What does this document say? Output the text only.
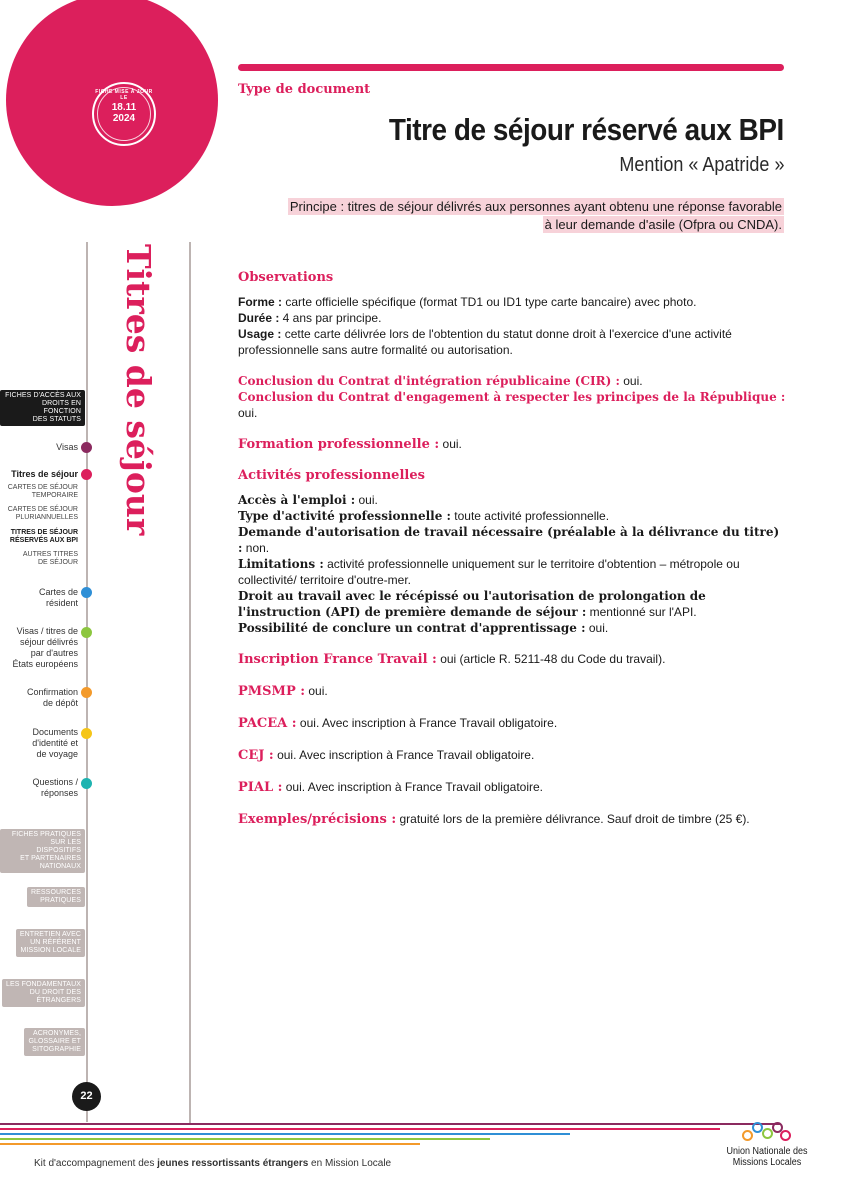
FICHE MISE À JOUR LE
18.11
2024
Type de document
Titre de séjour réservé aux BPI
Mention « Apatride »
Principe : titres de séjour délivrés aux personnes ayant obtenu une réponse favorable
à leur demande d'asile (Ofpra ou CNDA).
Titres de séjour
FICHES D'ACCÈS AUX
DROITS EN FONCTION
DES STATUTS
Visas
Titres de séjour
CARTES DE SÉJOUR
TEMPORAIRE
CARTES DE SÉJOUR
PLURIANNUELLES
TITRES DE SÉJOUR
RÉSERVÉS AUX BPI
AUTRES TITRES
DE SÉJOUR
Cartes de
résident
Visas / titres de
séjour délivrés
par d'autres
États européens
Confirmation
de dépôt
Documents
d'identité et
de voyage
Questions /
réponses
FICHES PRATIQUES
SUR LES DISPOSITIFS
ET PARTENAIRES
NATIONAUX
RESSOURCES
PRATIQUES
ENTRETIEN AVEC
UN RÉFÉRENT
MISSION LOCALE
LES FONDAMENTAUX
DU DROIT DES
ÉTRANGERS
ACRONYMES,
GLOSSAIRE ET
SITOGRAPHIE
22
Observations
Forme : carte officielle spécifique (format TD1 ou ID1 type carte bancaire) avec photo.
Durée : 4 ans par principe.
Usage : cette carte délivrée lors de l'obtention du statut donne droit à l'exercice d'une activité professionnelle sans autre formalité ou autorisation.
Conclusion du Contrat d'intégration républicaine (CIR) : oui.
Conclusion du Contrat d'engagement à respecter les principes de la République : oui.
Formation professionnelle : oui.
Activités professionnelles
Accès à l'emploi : oui.
Type d'activité professionnelle : toute activité professionnelle.
Demande d'autorisation de travail nécessaire (préalable à la délivrance du titre) : non.
Limitations : activité professionnelle uniquement sur le territoire d'obtention – métropole ou collectivité/ territoire d'outre-mer.
Droit au travail avec le récépissé ou l'autorisation de prolongation de l'instruction (API) de première demande de séjour : mentionné sur l'API.
Possibilité de conclure un contrat d'apprentissage : oui.
Inscription France Travail : oui (article R. 5211-48 du Code du travail).
PMSMP : oui.
PACEA : oui. Avec inscription à France Travail obligatoire.
CEJ : oui. Avec inscription à France Travail obligatoire.
PIAL : oui. Avec inscription à France Travail obligatoire.
Exemples/précisions : gratuité lors de la première délivrance. Sauf droit de timbre (25 €).
Kit d'accompagnement des jeunes ressortissants étrangers en Mission Locale
Union Nationale des
Missions Locales
